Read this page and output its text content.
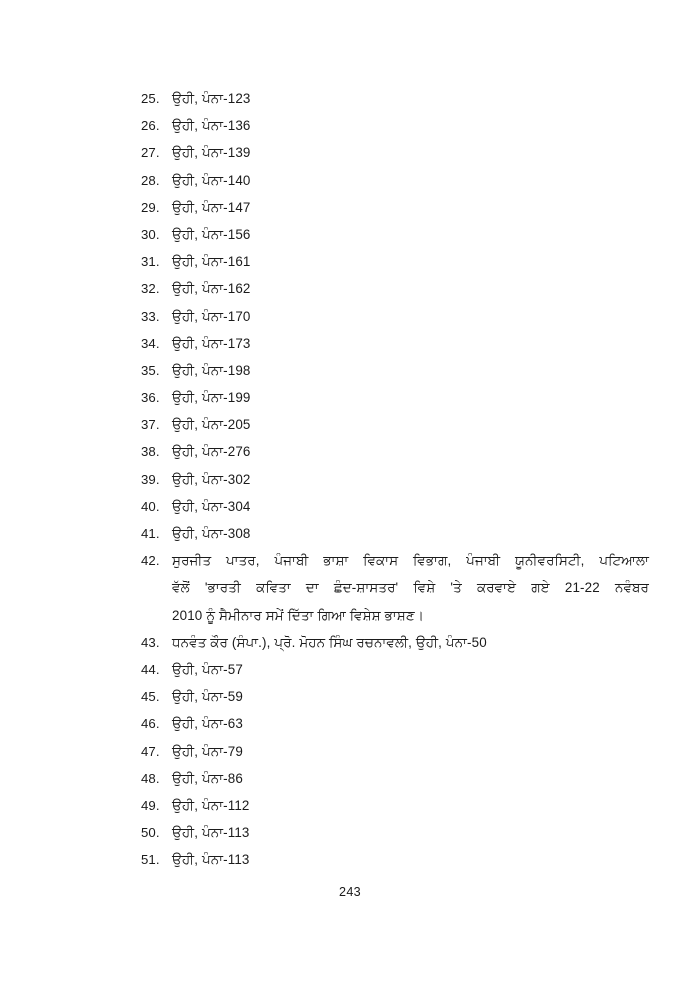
25. ਉਹੀ, ਪੰਨਾ-123
26. ਉਹੀ, ਪੰਨਾ-136
27. ਉਹੀ, ਪੰਨਾ-139
28. ਉਹੀ, ਪੰਨਾ-140
29. ਉਹੀ, ਪੰਨਾ-147
30. ਉਹੀ, ਪੰਨਾ-156
31. ਉਹੀ, ਪੰਨਾ-161
32. ਉਹੀ, ਪੰਨਾ-162
33. ਉਹੀ, ਪੰਨਾ-170
34. ਉਹੀ, ਪੰਨਾ-173
35. ਉਹੀ, ਪੰਨਾ-198
36. ਉਹੀ, ਪੰਨਾ-199
37. ਉਹੀ, ਪੰਨਾ-205
38. ਉਹੀ, ਪੰਨਾ-276
39. ਉਹੀ, ਪੰਨਾ-302
40. ਉਹੀ, ਪੰਨਾ-304
41. ਉਹੀ, ਪੰਨਾ-308
42. ਸੁਰਜੀਤ ਪਾਤਰ, ਪੰਜਾਬੀ ਭਾਸ਼ਾ ਵਿਕਾਸ ਵਿਭਾਗ, ਪੰਜਾਬੀ ਯੂਨੀਵਰਸਿਟੀ, ਪਟਿਆਲਾ
ਵੱਲੋਂ 'ਭਾਰਤੀ ਕਵਿਤਾ ਦਾ ਛੰਦ-ਸ਼ਾਸਤਰ' ਵਿਸ਼ੇ 'ਤੇ ਕਰਵਾਏ ਗਏ 21-22 ਨਵੰਬਰ
2010 ਨੂੰ ਸੈਮੀਨਾਰ ਸਮੇਂ ਦਿੱਤਾ ਗਿਆ ਵਿਸ਼ੇਸ਼ ਭਾਸ਼ਣ।
43. ਧਨਵੰਤ ਕੌਰ (ਸੰਪਾ.), ਪ੍ਰੋ. ਮੋਹਨ ਸਿੰਘ ਰਚਨਾਵਲੀ, ਉਹੀ, ਪੰਨਾ-50
44. ਉਹੀ, ਪੰਨਾ-57
45. ਉਹੀ, ਪੰਨਾ-59
46. ਉਹੀ, ਪੰਨਾ-63
47. ਉਹੀ, ਪੰਨਾ-79
48. ਉਹੀ, ਪੰਨਾ-86
49. ਉਹੀ, ਪੰਨਾ-112
50. ਉਹੀ, ਪੰਨਾ-113
51. ਉਹੀ, ਪੰਨਾ-113
243
